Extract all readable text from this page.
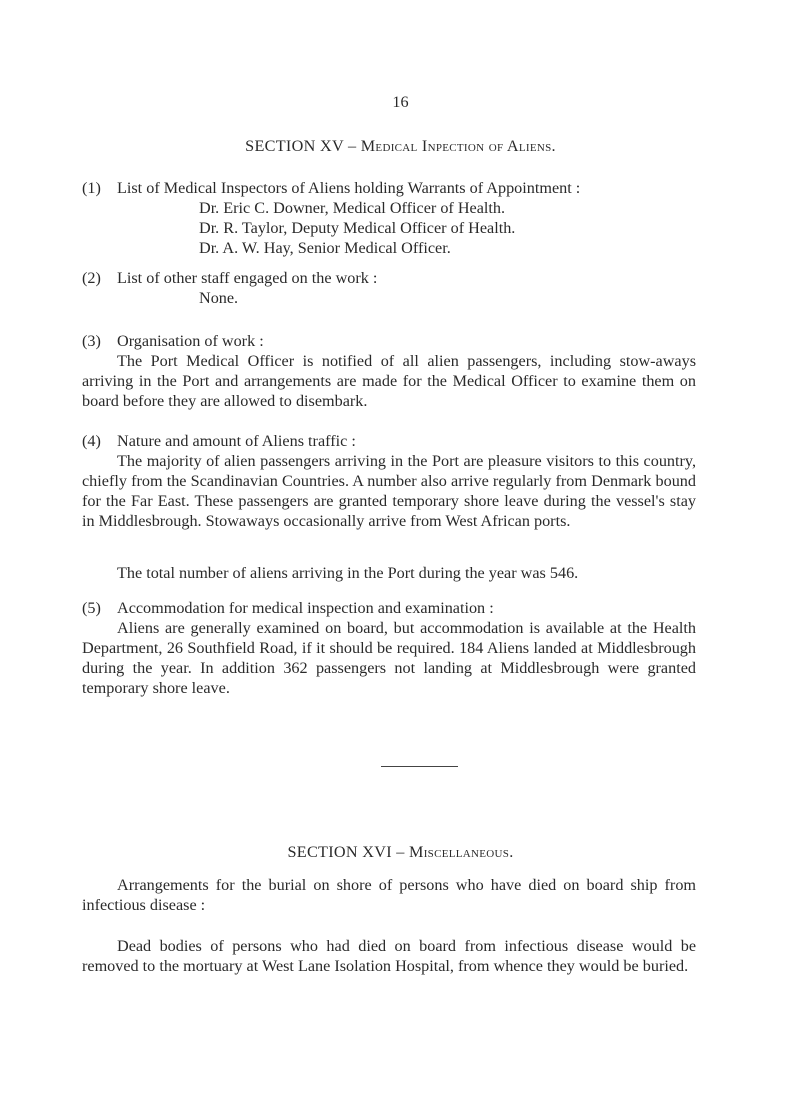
16
SECTION XV – Medical Inpection of Aliens.
(1) List of Medical Inspectors of Aliens holding Warrants of Appointment :
Dr. Eric C. Downer, Medical Officer of Health.
Dr. R. Taylor, Deputy Medical Officer of Health.
Dr. A. W. Hay, Senior Medical Officer.
(2) List of other staff engaged on the work :
None.
(3) Organisation of work :
The Port Medical Officer is notified of all alien passengers, including stow-aways arriving in the Port and arrangements are made for the Medical Officer to examine them on board before they are allowed to disembark.
(4) Nature and amount of Aliens traffic :
The majority of alien passengers arriving in the Port are pleasure visitors to this country, chiefly from the Scandinavian Countries. A number also arrive regularly from Denmark bound for the Far East. These passengers are granted temporary shore leave during the vessel's stay in Middlesbrough. Stowaways occasionally arrive from West African ports.
The total number of aliens arriving in the Port during the year was 546.
(5) Accommodation for medical inspection and examination :
Aliens are generally examined on board, but accommodation is available at the Health Department, 26 Southfield Road, if it should be required. 184 Aliens landed at Middlesbrough during the year. In addition 362 passengers not landing at Middlesbrough were granted temporary shore leave.
SECTION XVI – Miscellaneous.
Arrangements for the burial on shore of persons who have died on board ship from infectious disease :
Dead bodies of persons who had died on board from infectious disease would be removed to the mortuary at West Lane Isolation Hospital, from whence they would be buried.
